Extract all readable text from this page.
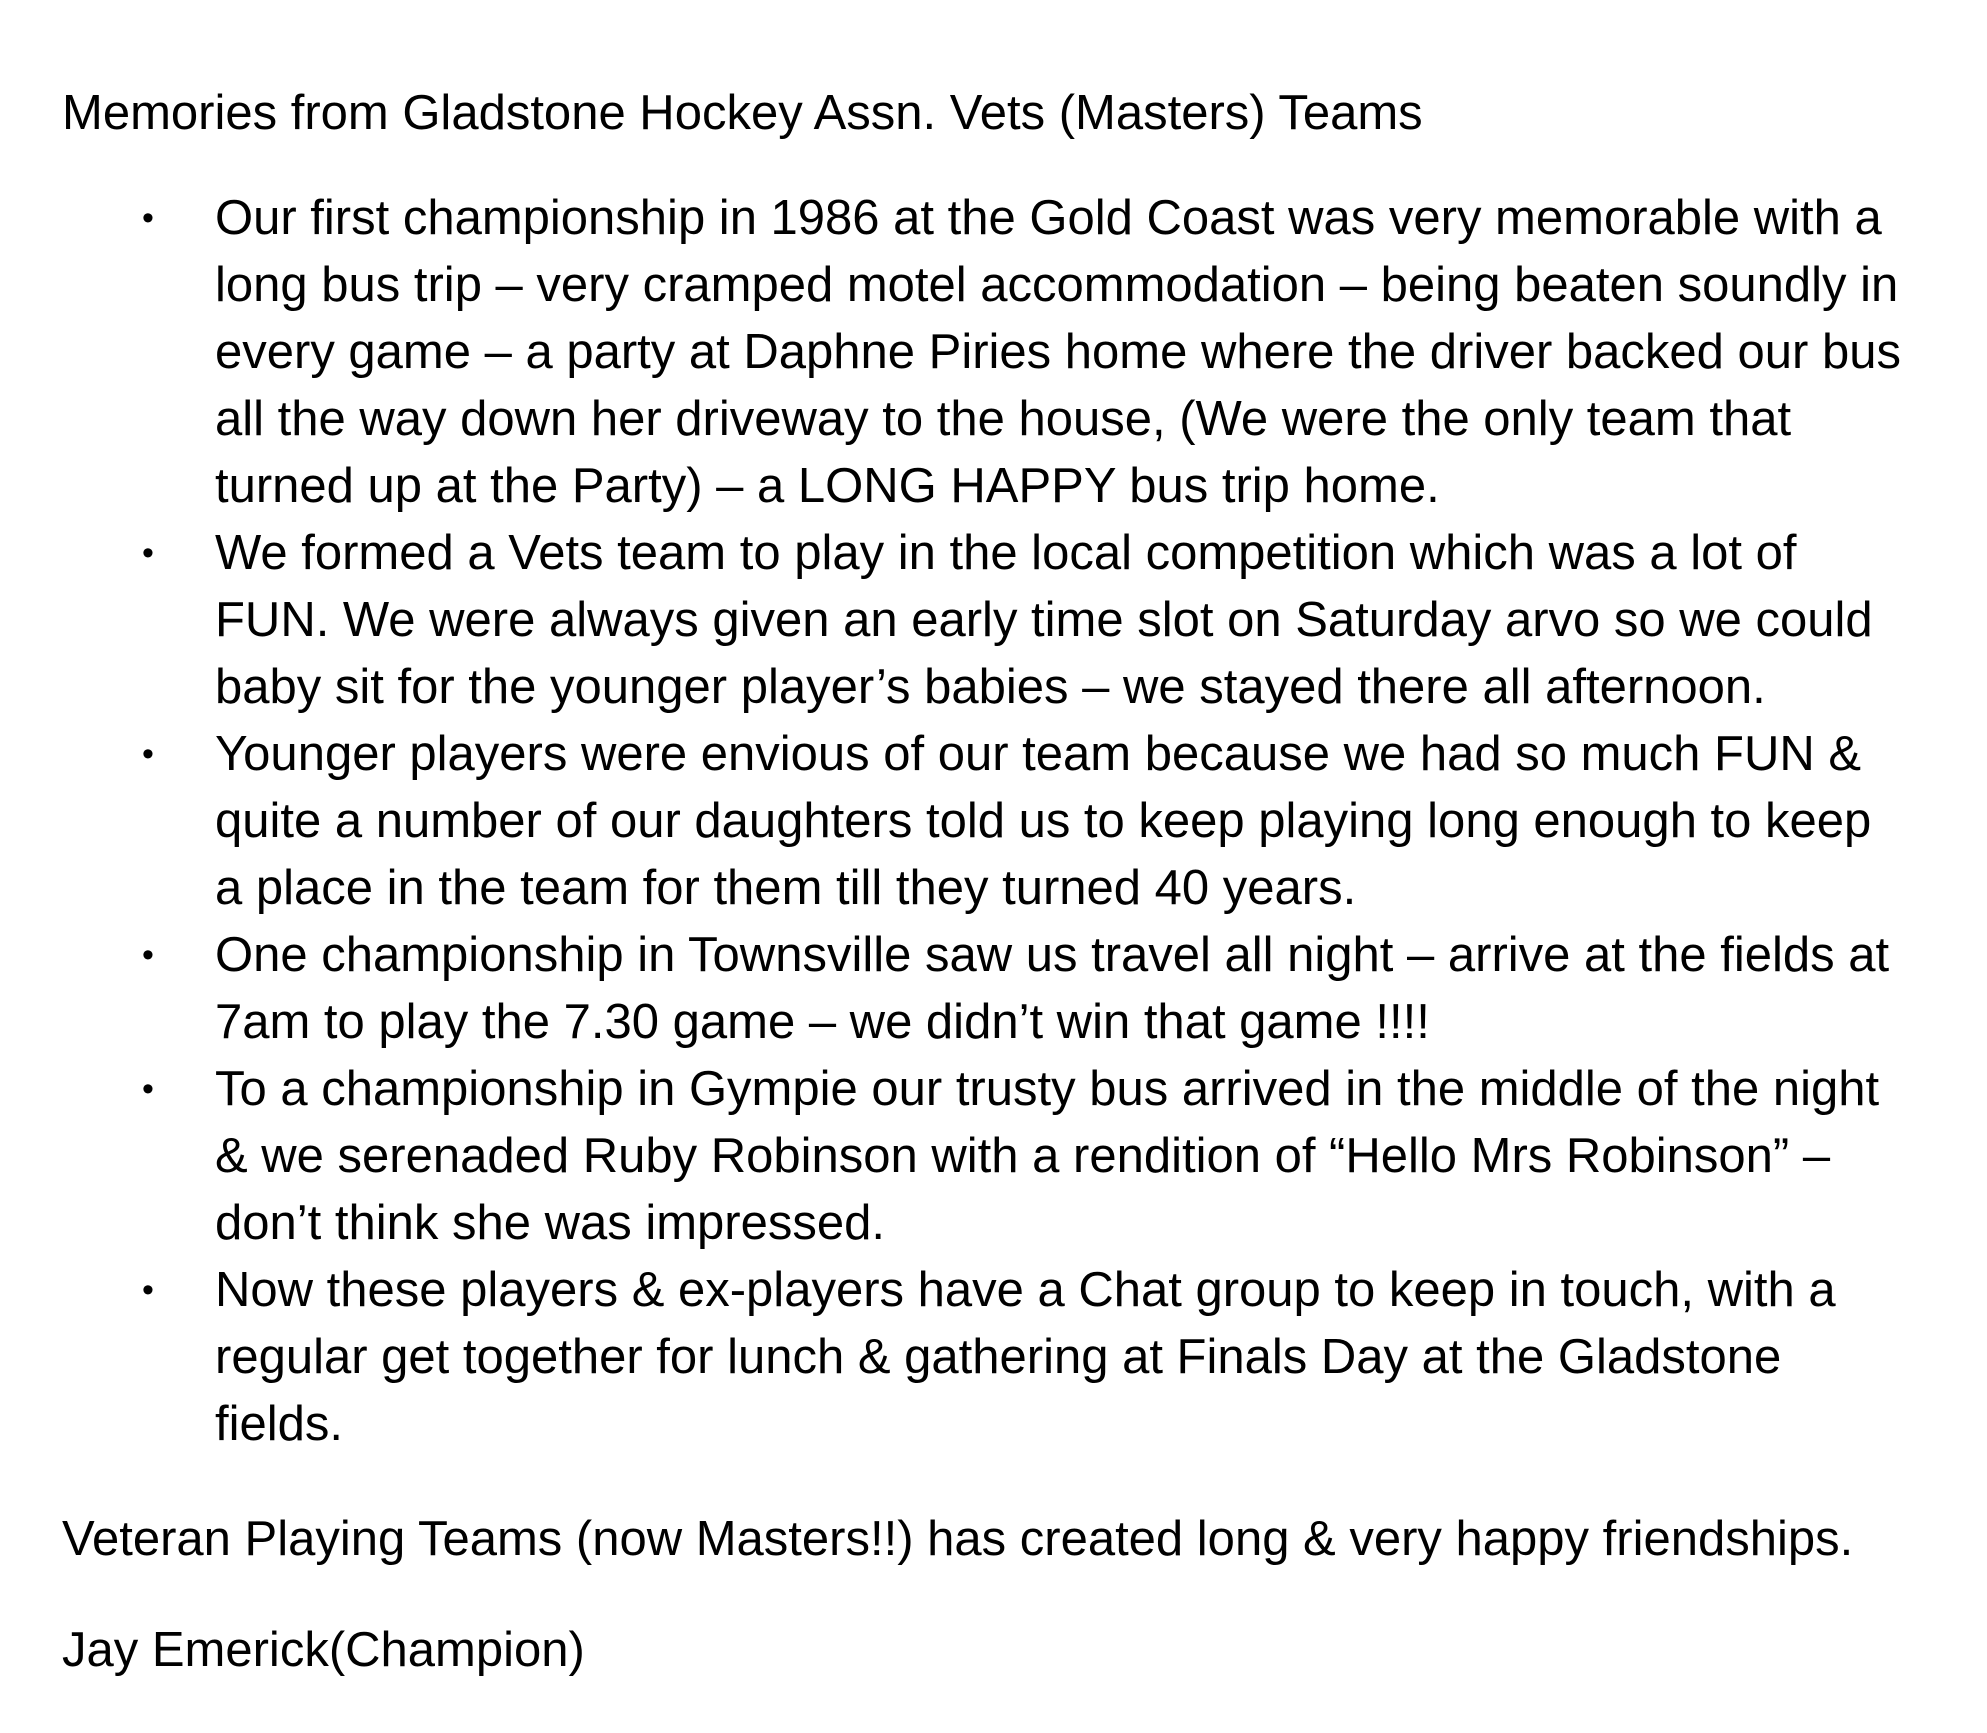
Memories from Gladstone Hockey Assn. Vets (Masters) Teams
• Our first championship in 1986 at the Gold Coast was very memorable with a
long bus trip – very cramped motel accommodation – being beaten soundly in
every game – a party at Daphne Piries home where the driver backed our bus
all the way down her driveway to the house, (We were the only team that
turned up at the Party) – a LONG HAPPY bus trip home.
• We formed a Vets team to play in the local competition which was a lot of
FUN. We were always given an early time slot on Saturday arvo so we could
baby sit for the younger player’s babies – we stayed there all afternoon.
• Younger players were envious of our team because we had so much FUN &
quite a number of our daughters told us to keep playing long enough to keep
a place in the team for them till they turned 40 years.
• One championship in Townsville saw us travel all night – arrive at the fields at
7am to play the 7.30 game – we didn’t win that game !!!!
• To a championship in Gympie our trusty bus arrived in the middle of the night
& we serenaded Ruby Robinson with a rendition of “Hello Mrs Robinson” –
don’t think she was impressed.
• Now these players & ex-players have a Chat group to keep in touch, with a
regular get together for lunch & gathering at Finals Day at the Gladstone
fields.

Veteran Playing Teams (now Masters!!) has created long & very happy friendships.

Jay Emerick(Champion)
